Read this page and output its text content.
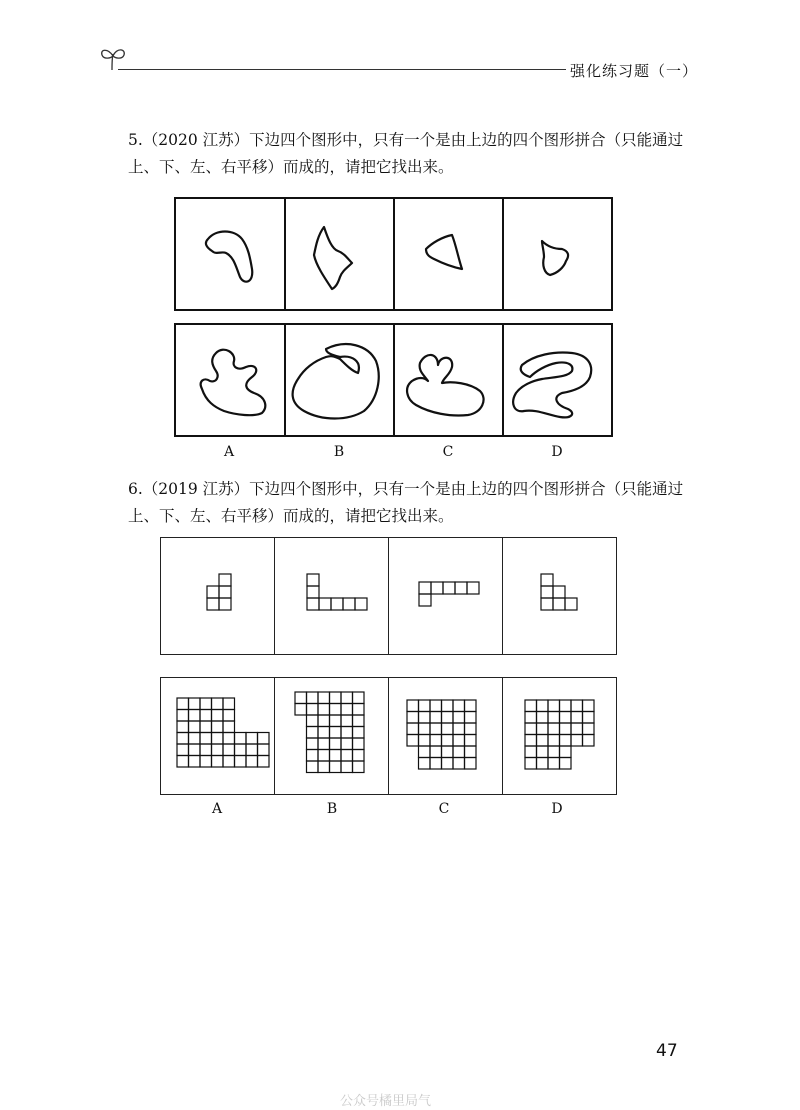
强化练习题（一）
5.（2020 江苏）下边四个图形中，只有一个是由上边的四个图形拼合（只能通过上、下、左、右平移）而成的，请把它找出来。
A	B	C	D
6.（2019 江苏）下边四个图形中，只有一个是由上边的四个图形拼合（只能通过上、下、左、右平移）而成的，请把它找出来。
A	B	C	D
47
公众号橘里局气
